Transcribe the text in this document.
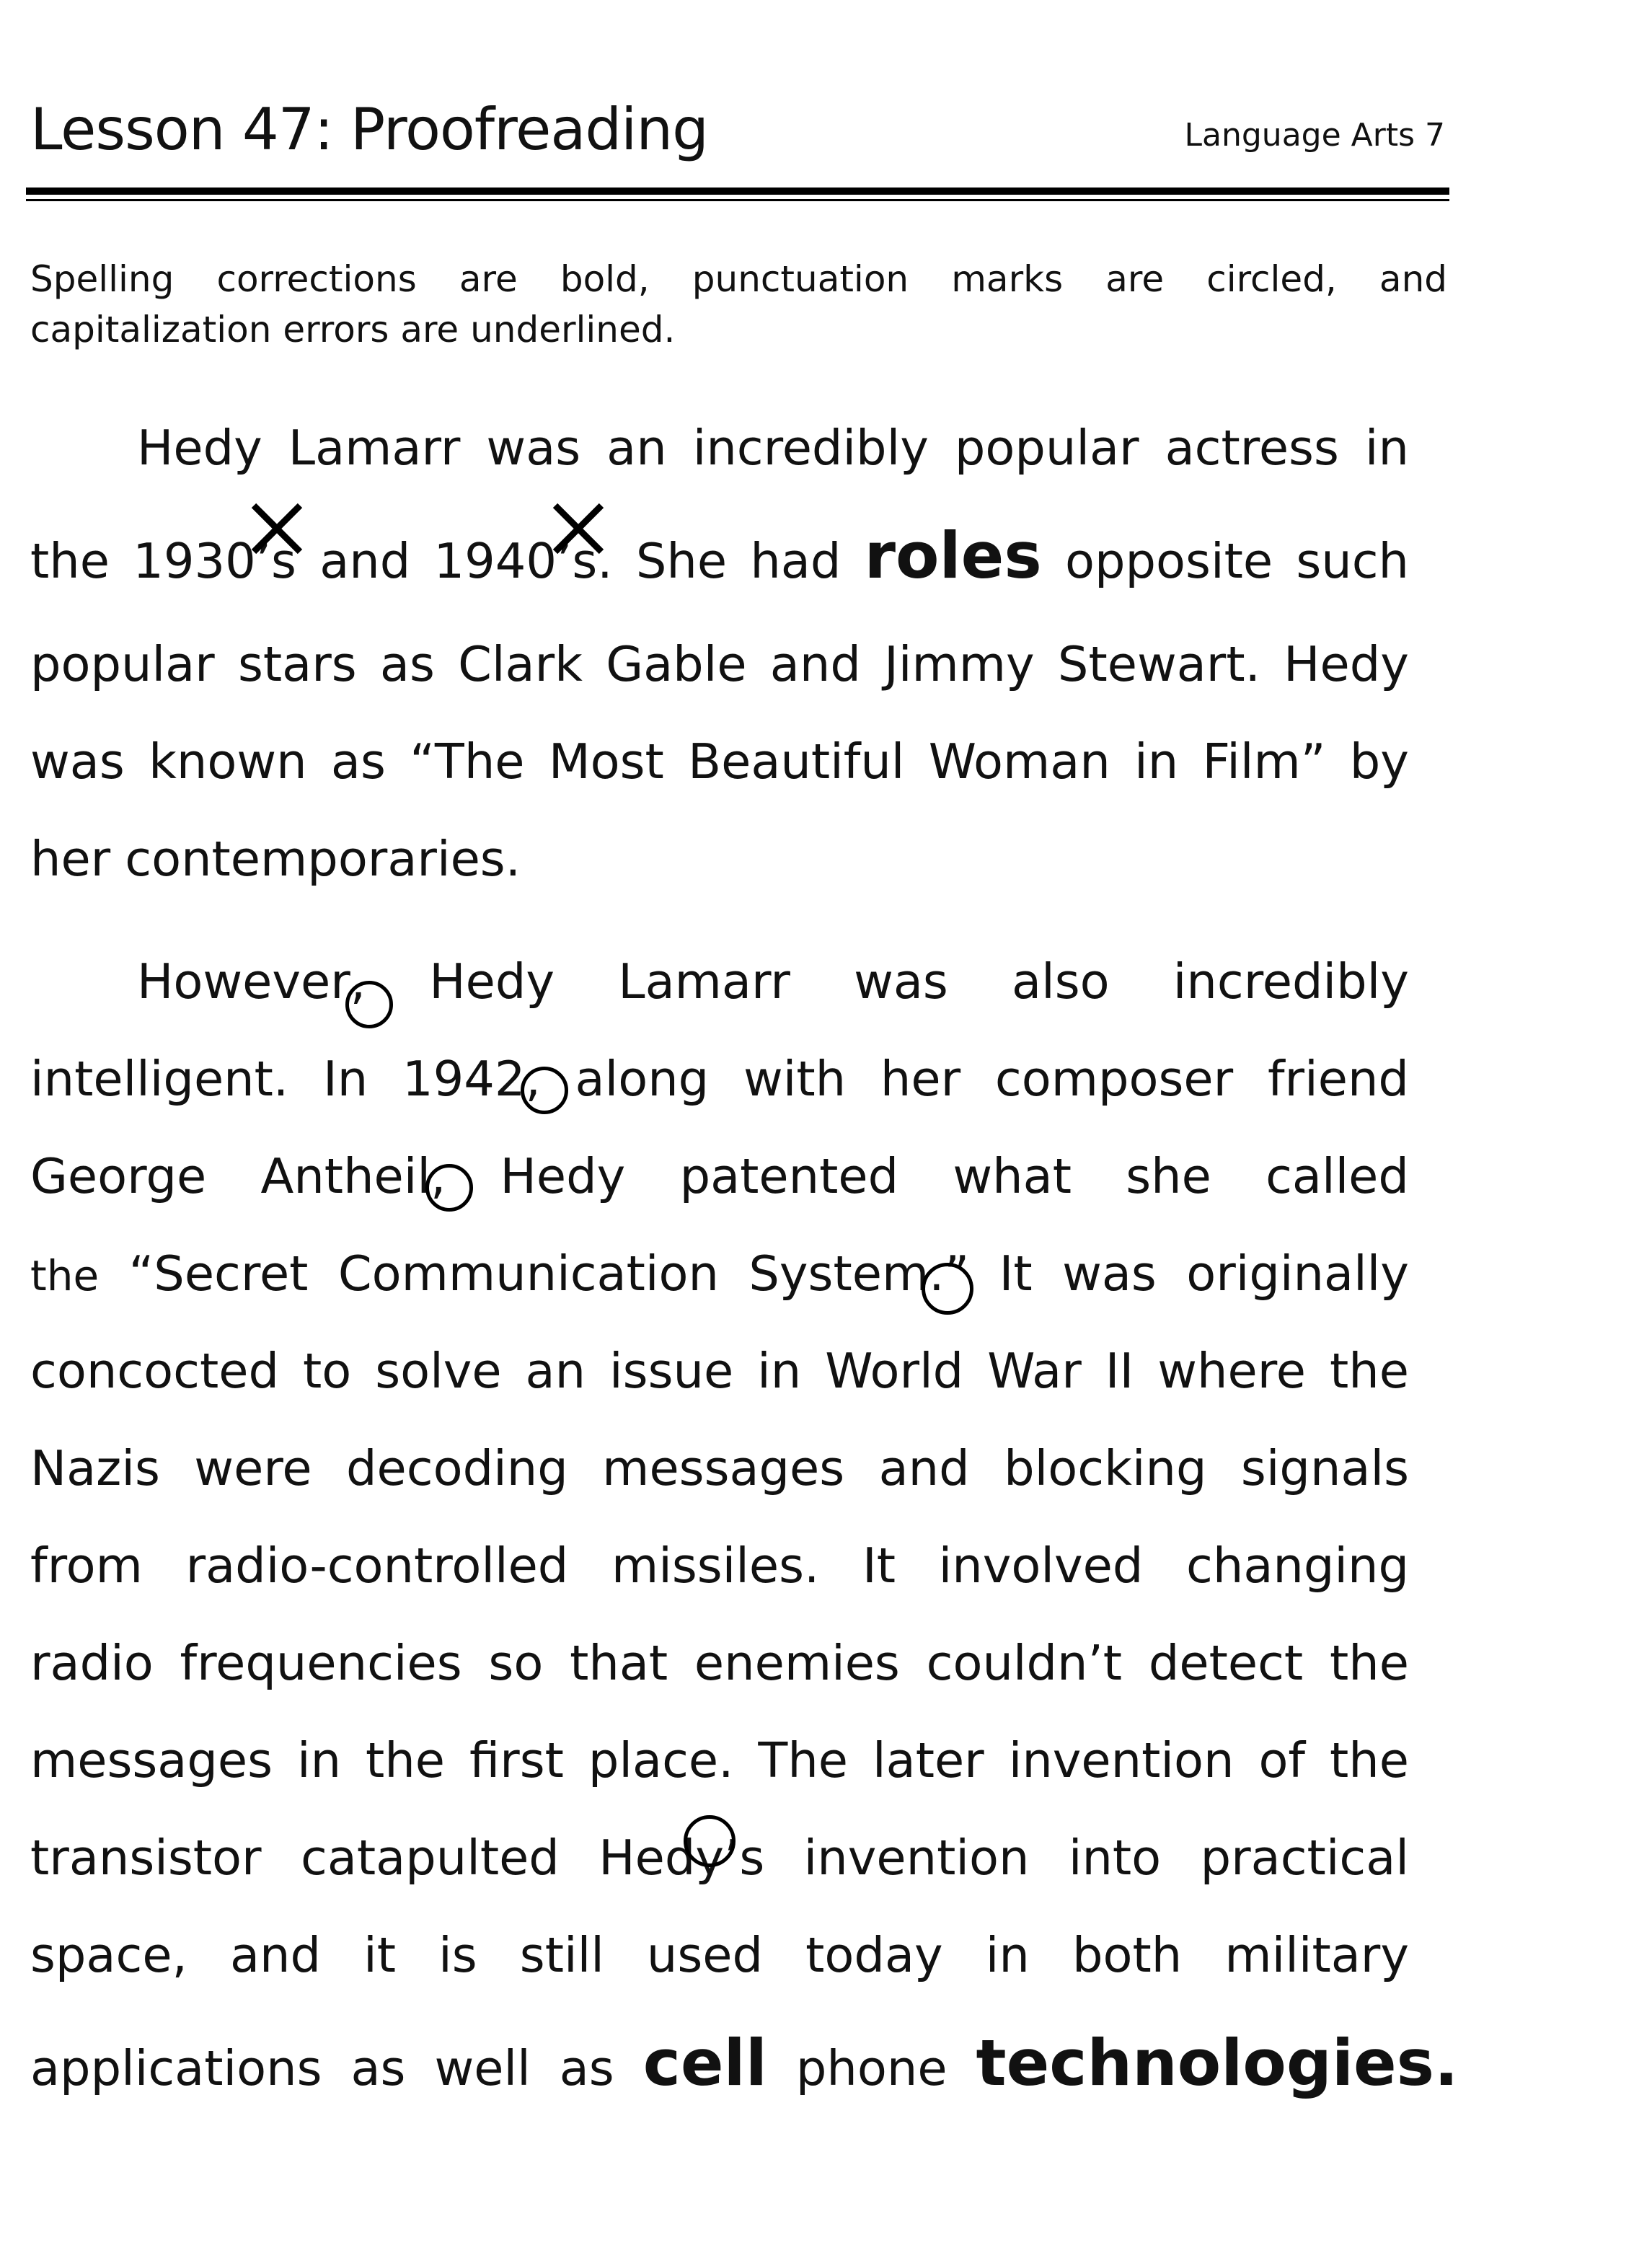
Lesson 47: Proofreading	Language Arts 7
Spelling corrections are bold, punctuation marks are circled, and capitalization errors are underlined.
Hedy Lamarr was an incredibly popular actress in
the 1930’s and 1940’s. She had roles opposite such
popular stars as Clark Gable and Jimmy Stewart. Hedy
was known as “The Most Beautiful Woman in Film” by
her contemporaries.
However, Hedy Lamarr was also incredibly
intelligent. In 1942, along with her composer friend
George Antheil, Hedy patented what she called
the “Secret Communication System.” It was originally
concocted to solve an issue in World War II where the
Nazis were decoding messages and blocking signals
from radio-controlled missiles. It involved changing
radio frequencies so that enemies couldn’t detect the
messages in the first place. The later invention of the
transistor catapulted Hedy’s invention into practical
space, and it is still used today in both military
applications as well as cell phone technologies.
